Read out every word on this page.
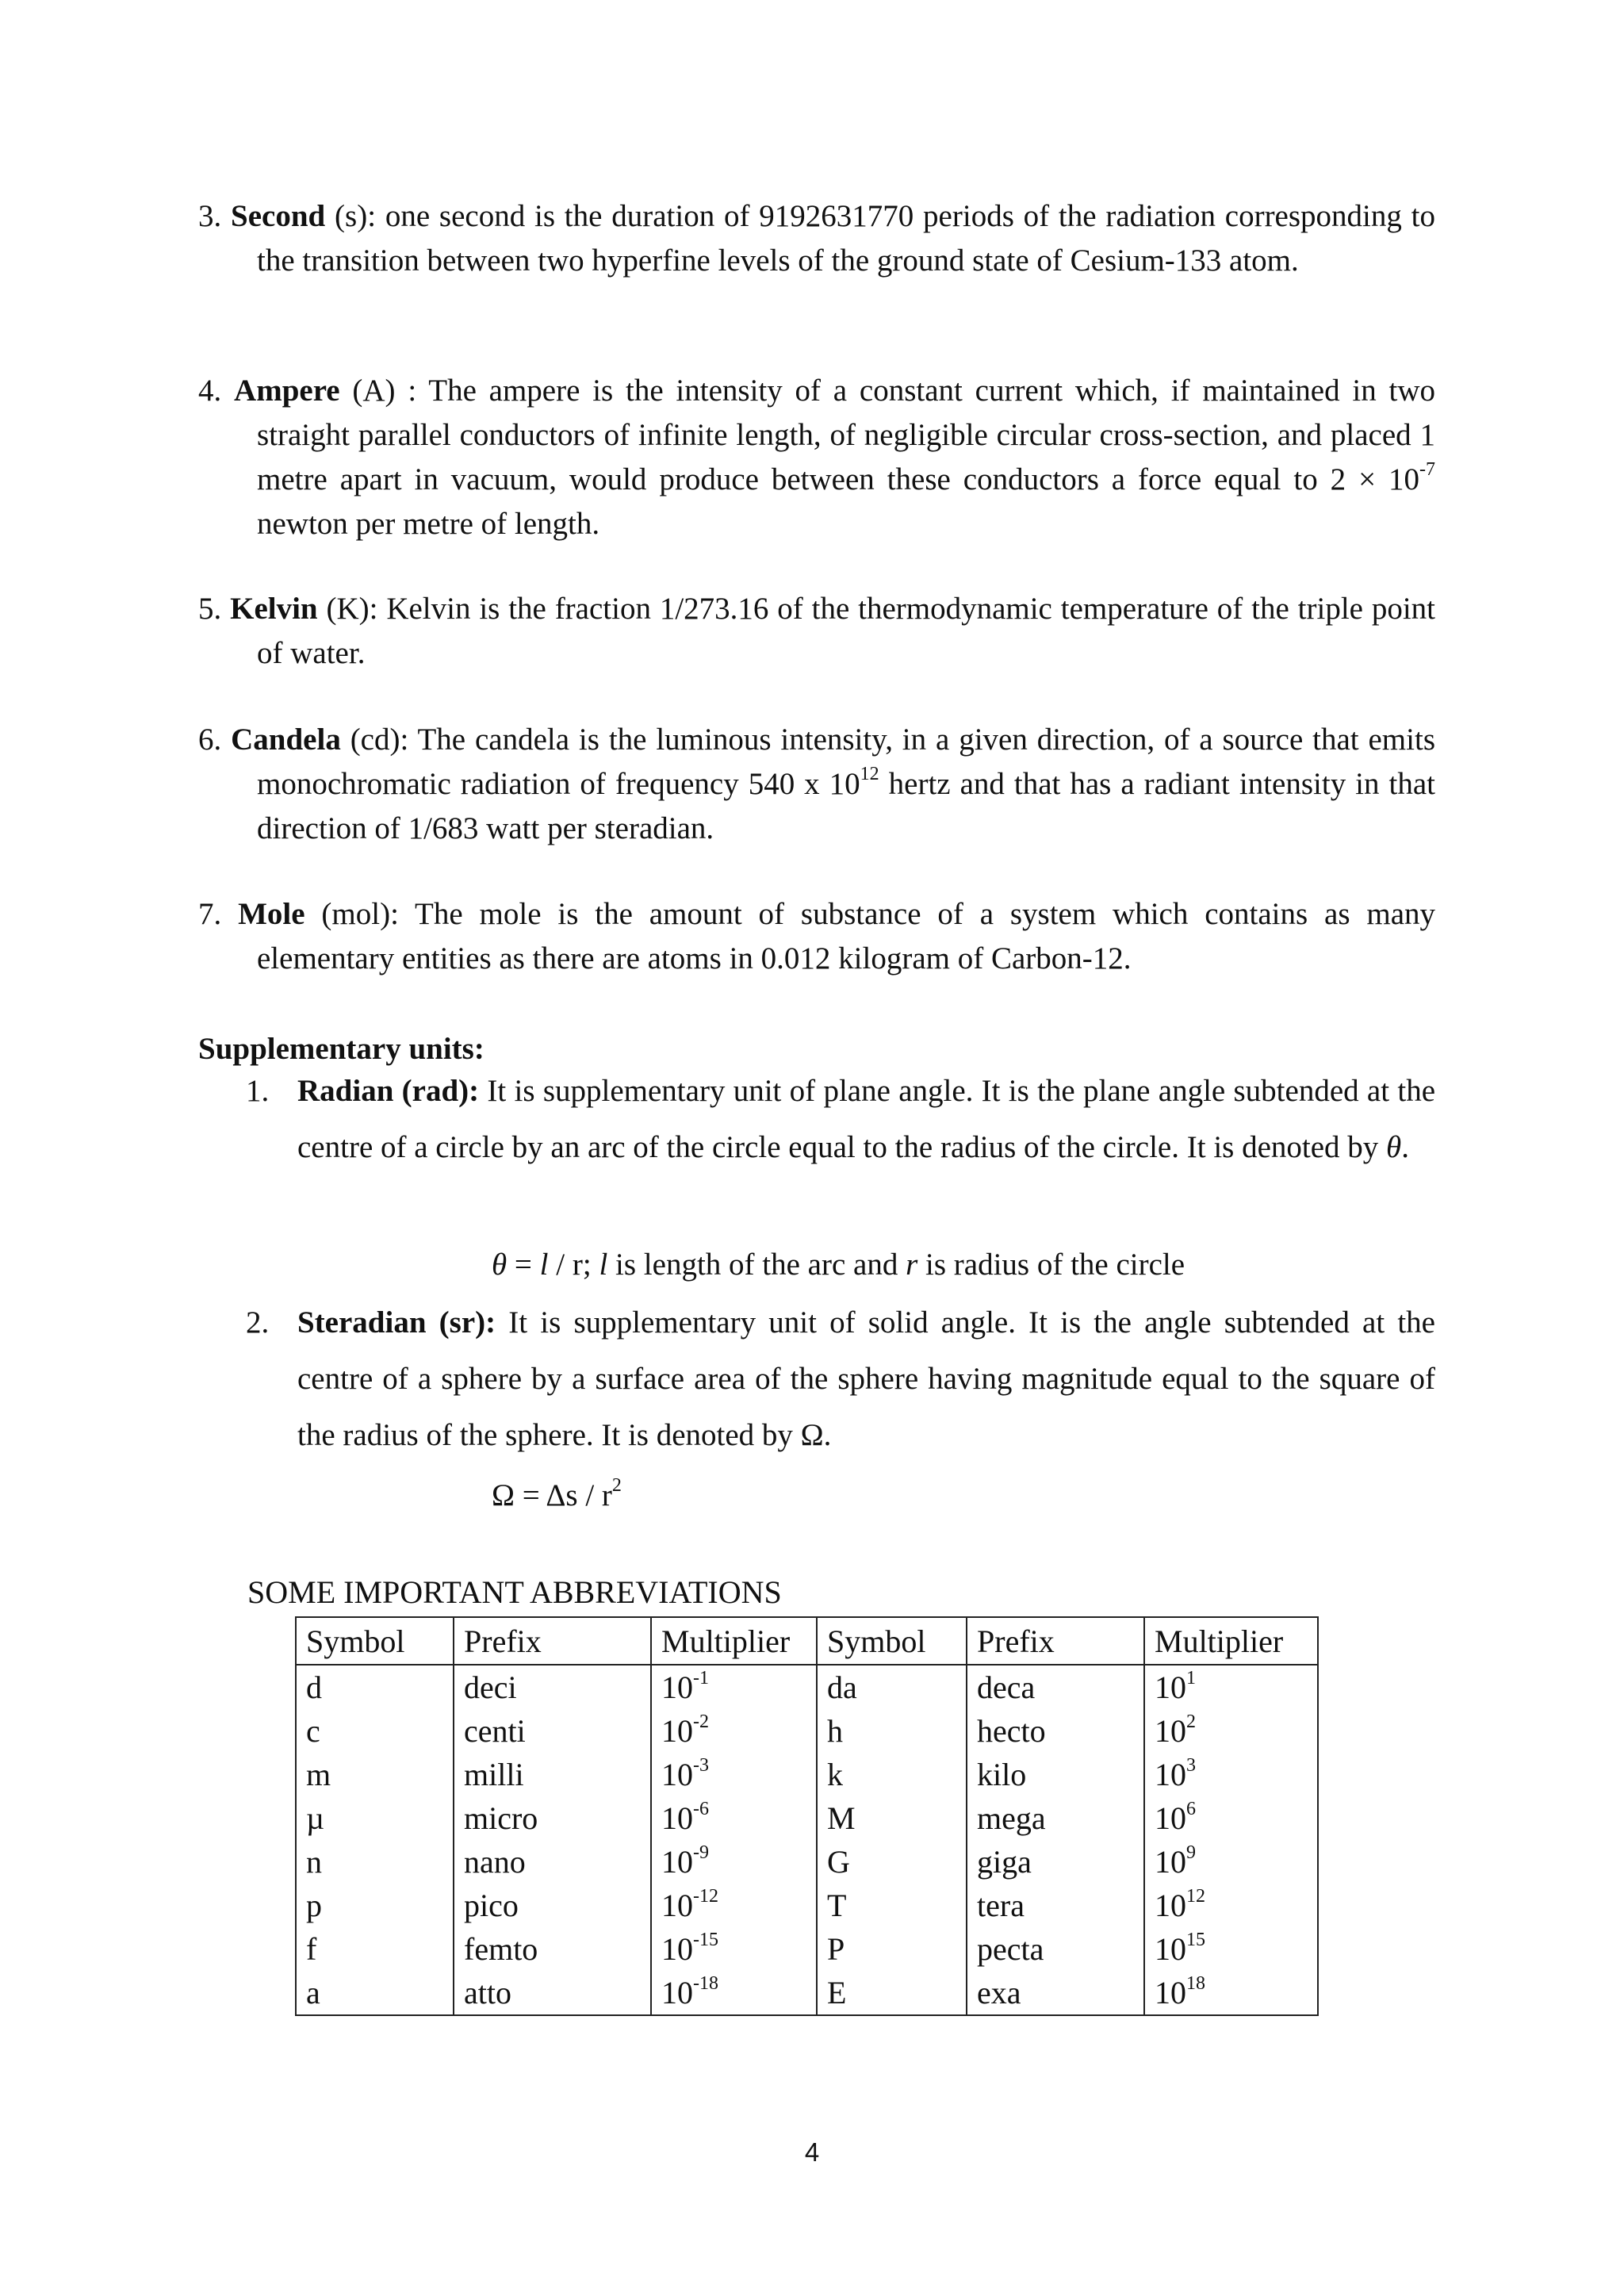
3. Second (s): one second is the duration of 9192631770 periods of the radiation corresponding to the transition between two hyperfine levels of the ground state of Cesium-133 atom.

4. Ampere (A) : The ampere is the intensity of a constant current which, if maintained in two straight parallel conductors of infinite length, of negligible circular cross-section, and placed 1 metre apart in vacuum, would produce between these conductors a force equal to $2 \times 10^{-7}$ newton per metre of length.

5. Kelvin (K): Kelvin is the fraction 1/273.16 of the thermodynamic temperature of the triple point of water.

6. Candela (cd): The candela is the luminous intensity, in a given direction, of a source that emits monochromatic radiation of frequency 540 x $10^{12}$ hertz and that has a radiant intensity in that direction of 1/683 watt per steradian.

7. Mole (mol): The mole is the amount of substance of a system which contains as many elementary entities as there are atoms in 0.012 kilogram of Carbon-12.

Supplementary units:
1. Radian (rad): It is supplementary unit of plane angle. It is the plane angle subtended at the centre of a circle by an arc of the circle equal to the radius of the circle. It is denoted by θ.
θ = l / r; l is length of the arc and r is radius of the circle
2. Steradian (sr): It is supplementary unit of solid angle. It is the angle subtended at the centre of a sphere by a surface area of the sphere having magnitude equal to the square of the radius of the sphere. It is denoted by Ω.
$\Omega = \Delta s / r^2$
SOME IMPORTANT ABBREVIATIONS
Symbol	Prefix	Multiplier	Symbol	Prefix	Multiplier
d	deci	$10^{-1}$	da	deca	$10^1$
c	centi	$10^{-2}$	h	hecto	$10^2$
m	milli	$10^{-3}$	k	kilo	$10^3$
µ	micro	$10^{-6}$	M	mega	$10^6$
n	nano	$10^{-9}$	G	giga	$10^9$
p	pico	$10^{-12}$	T	tera	$10^{12}$
f	femto	$10^{-15}$	P	pecta	$10^{15}$
a	atto	$10^{-18}$	E	exa	$10^{18}$
4
